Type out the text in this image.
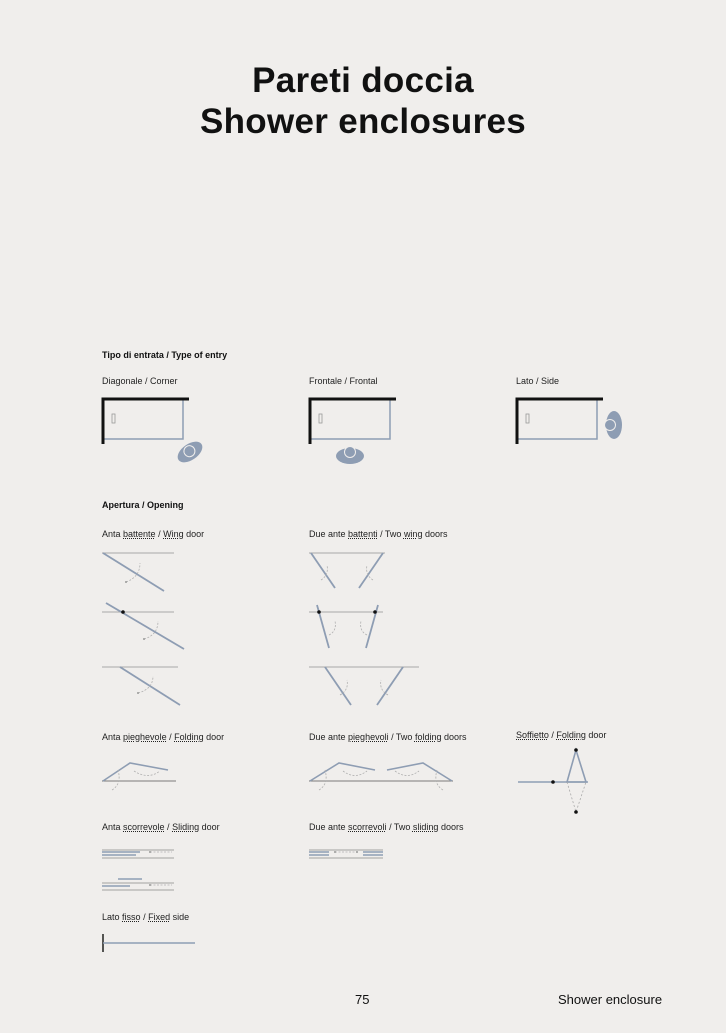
Pareti doccia
Shower enclosures
Tipo di entrata / Type of entry
Diagonale / Corner	Frontale / Frontal	Lato / Side
Apertura / Opening
Anta battente / Wing door	Due ante battenti / Two wing doors
Anta pieghevole / Folding door	Due ante pieghevoli / Two folding doors	Soffietto / Folding door
Anta scorrevole / Sliding door	Due ante scorrevoli / Two sliding doors
Lato fisso / Fixed side
75	Shower enclosure
